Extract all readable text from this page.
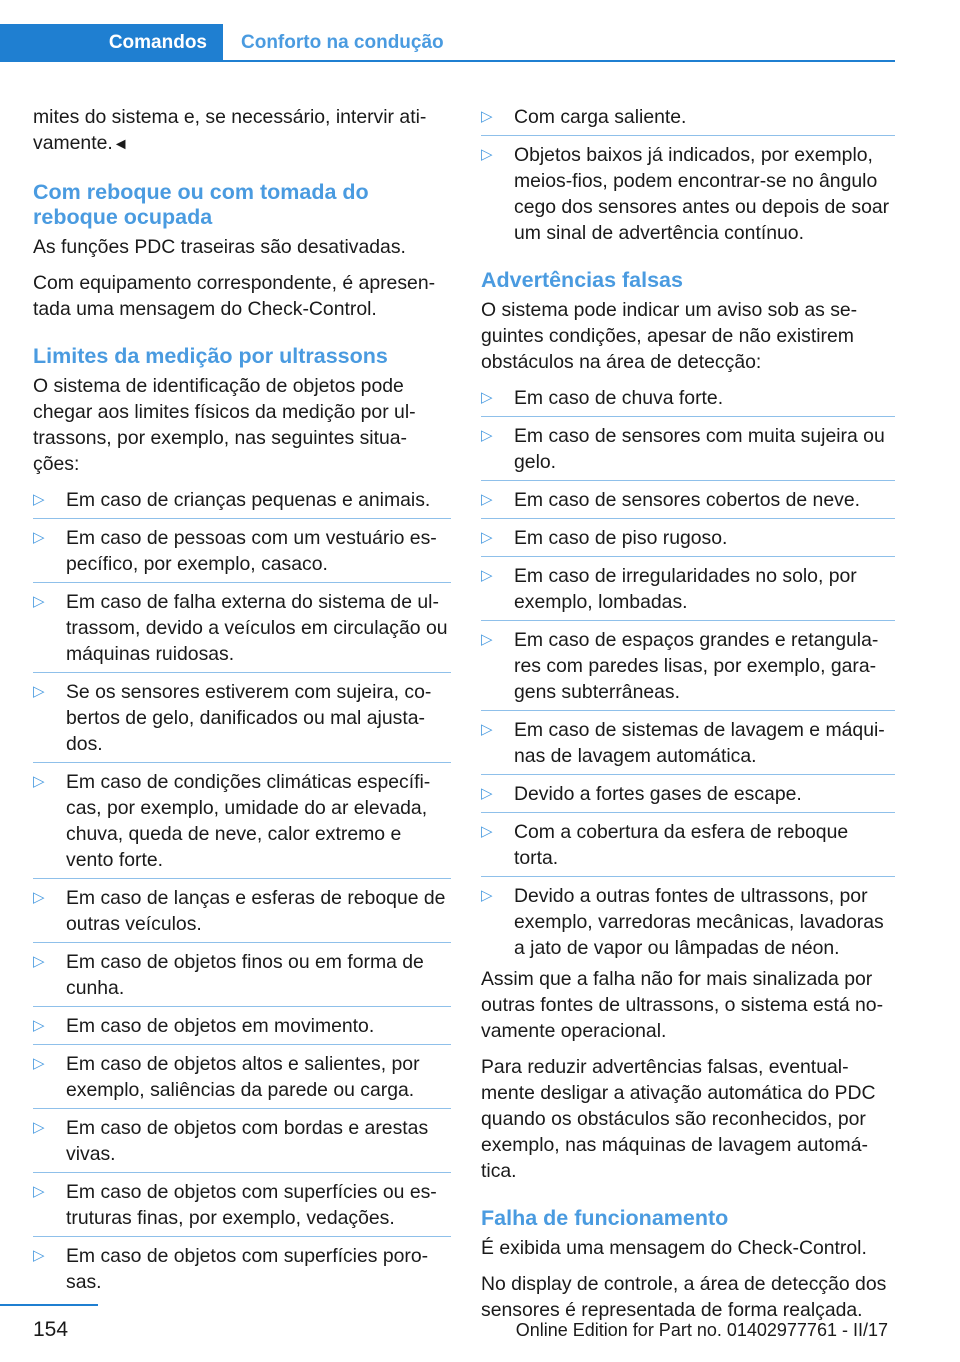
Comandos	Conforto na condução

mites do sistema e, se necessário, intervir ati-vamente.◄

Com reboque ou com tomada do reboque ocupada

As funções PDC traseiras são desativadas.

Com equipamento correspondente, é apresen-tada uma mensagem do Check-Control.

Limites da medição por ultrassons

O sistema de identificação de objetos pode chegar aos limites físicos da medição por ul-trassons, por exemplo, nas seguintes situa-ções:

▷ Em caso de crianças pequenas e animais.
▷ Em caso de pessoas com um vestuário es-pecífico, por exemplo, casaco.
▷ Em caso de falha externa do sistema de ul-trassom, devido a veículos em circulação ou máquinas ruidosas.
▷ Se os sensores estiverem com sujeira, co-bertos de gelo, danificados ou mal ajusta-dos.
▷ Em caso de condições climáticas específi-cas, por exemplo, umidade do ar elevada, chuva, queda de neve, calor extremo e vento forte.
▷ Em caso de lanças e esferas de reboque de outras veículos.
▷ Em caso de objetos finos ou em forma de cunha.
▷ Em caso de objetos em movimento.
▷ Em caso de objetos altos e salientes, por exemplo, saliências da parede ou carga.
▷ Em caso de objetos com bordas e arestas vivas.
▷ Em caso de objetos com superfícies ou es-truturas finas, por exemplo, vedações.
▷ Em caso de objetos com superfícies poro-sas.
▷ Com carga saliente.
▷ Objetos baixos já indicados, por exemplo, meios-fios, podem encontrar-se no ângulo cego dos sensores antes ou depois de soar um sinal de advertência contínuo.
Advertências falsas

O sistema pode indicar um aviso sob as se-guintes condições, apesar de não existirem obstáculos na área de detecção:

▷ Em caso de chuva forte.
▷ Em caso de sensores com muita sujeira ou gelo.
▷ Em caso de sensores cobertos de neve.
▷ Em caso de piso rugoso.
▷ Em caso de irregularidades no solo, por exemplo, lombadas.
▷ Em caso de espaços grandes e retangula-res com paredes lisas, por exemplo, gara-gens subterrâneas.
▷ Em caso de sistemas de lavagem e máqui-nas de lavagem automática.
▷ Devido a fortes gases de escape.
▷ Com a cobertura da esfera de reboque torta.
▷ Devido a outras fontes de ultrassons, por exemplo, varredoras mecânicas, lavadoras a jato de vapor ou lâmpadas de néon.

Assim que a falha não for mais sinalizada por outras fontes de ultrassons, o sistema está no-vamente operacional.

Para reduzir advertências falsas, eventual-mente desligar a ativação automática do PDC quando os obstáculos são reconhecidos, por exemplo, nas máquinas de lavagem automá-tica.

Falha de funcionamento

É exibida uma mensagem do Check-Control.

No display de controle, a área de detecção dos sensores é representada de forma realçada.

154	Online Edition for Part no. 01402977761 - II/17
